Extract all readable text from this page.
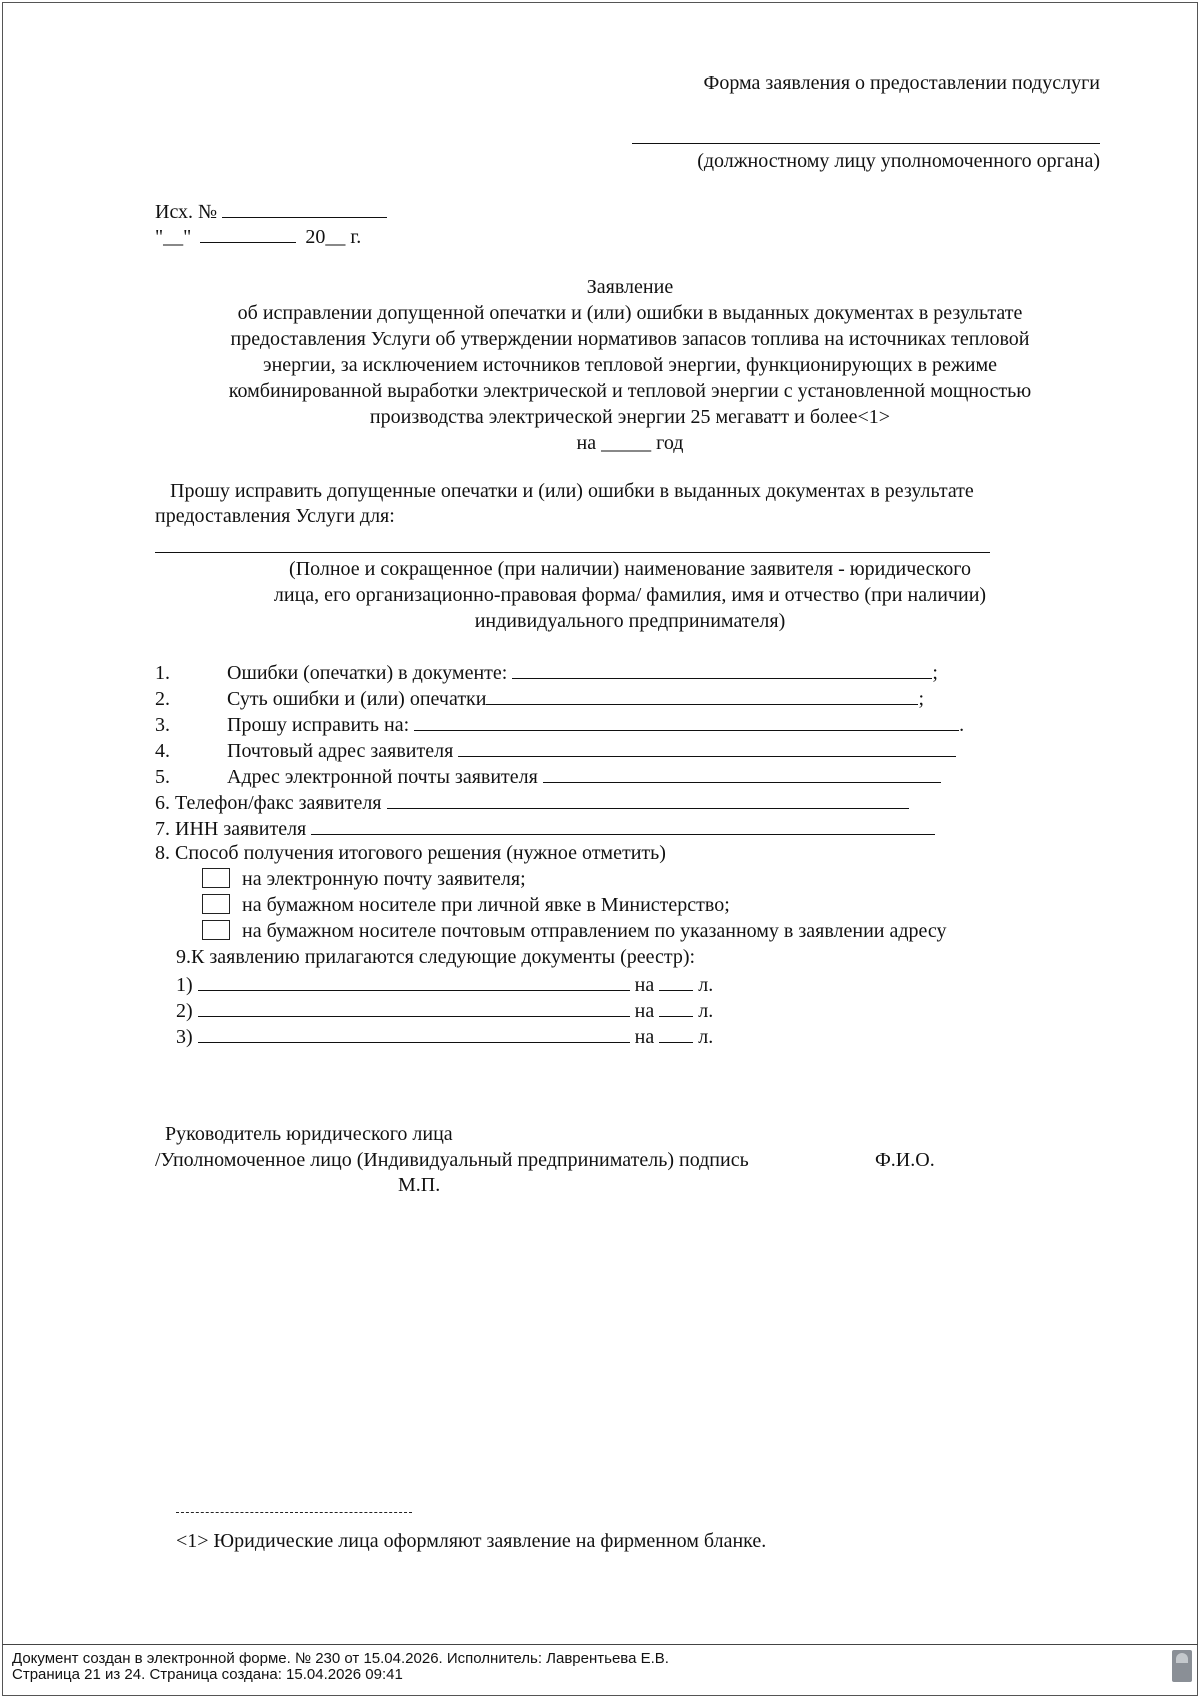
Форма заявления о предоставлении подуслуги
(должностному лицу уполномоченного органа)
Исх. №
"__"	20__ г.
Заявление
об исправлении допущенной опечатки и (или) ошибки в выданных документах в результате
предоставления Услуги об утверждении нормативов запасов топлива на источниках тепловой
энергии, за исключением источников тепловой энергии, функционирующих в режиме
комбинированной выработки электрической и тепловой энергии с установленной мощностью
производства электрической энергии 25 мегаватт и более<1>
на _____ год
Прошу исправить допущенные опечатки и (или) ошибки в выданных документах в результате
предоставления Услуги для:
(Полное и сокращенное (при наличии) наименование заявителя - юридического
лица, его организационно-правовая форма/ фамилия, имя и отчество (при наличии)
индивидуального предпринимателя)
1.	Ошибки (опечатки) в документе:	;
2.	Суть ошибки и (или) опечатки	;
3.	Прошу исправить на:	.
4.	Почтовый адрес заявителя
5.	Адрес электронной почты заявителя
6. Телефон/факс заявителя
7. ИНН заявителя
8. Способ получения итогового решения (нужное отметить)
на электронную почту заявителя;
на бумажном носителе при личной явке в Министерство;
на бумажном носителе почтовым отправлением по указанному в заявлении адресу
9.К заявлению прилагаются следующие документы (реестр):
1)	на л.
2)	на л.
3)	на л.
Руководитель юридического лица
/Уполномоченное лицо (Индивидуальный предприниматель) подпись	Ф.И.О.
М.П.
<1> Юридические лица оформляют заявление на фирменном бланке.
Документ создан в электронной форме. № 230 от 15.04.2026. Исполнитель: Лаврентьева Е.В.
Страница 21 из 24. Страница создана: 15.04.2026 09:41
